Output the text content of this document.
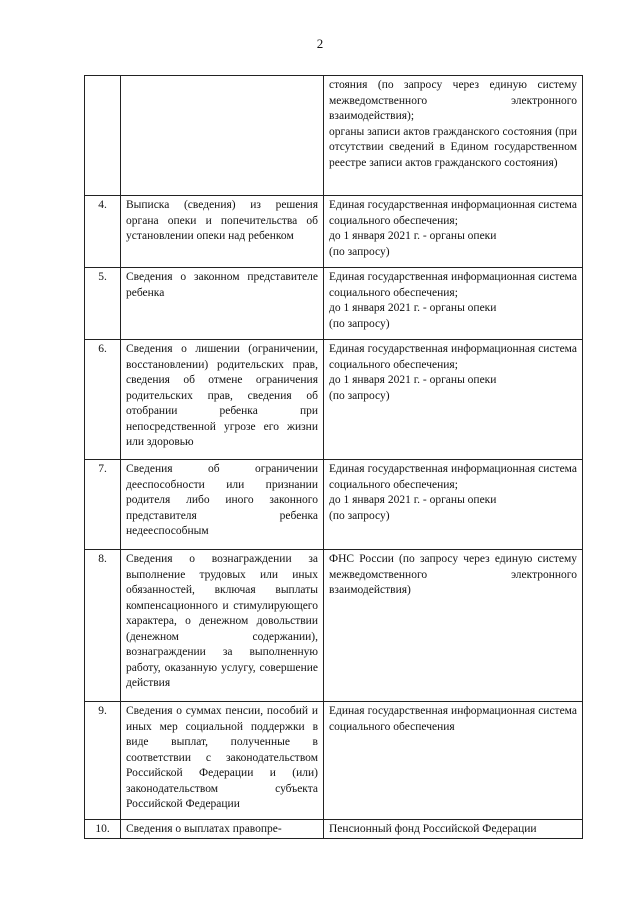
2

		стояния (по запросу через единую систему межведомственного электронного взаимодействия);
органы записи актов гражданского состояния (при отсутствии сведений в Едином государственном реестре записи актов гражданского состояния)

4.	Выписка (сведения) из решения органа опеки и попечительства об установлении опеки над ребенком	Единая государственная информационная система социального обеспечения;
до 1 января 2021 г. - органы опеки
(по запросу)

5.	Сведения о законном представителе ребенка	Единая государственная информационная система социального обеспечения;
до 1 января 2021 г. - органы опеки
(по запросу)

6.	Сведения о лишении (ограничении, восстановлении) родительских прав, сведения об отмене ограничения родительских прав, сведения об отобрании ребенка при непосредственной угрозе его жизни или здоровью	Единая государственная информационная система социального обеспечения;
до 1 января 2021 г. - органы опеки
(по запросу)

7.	Сведения об ограничении дееспособности или признании родителя либо иного законного представителя ребенка недееспособным	Единая государственная информационная система социального обеспечения;
до 1 января 2021 г. - органы опеки
(по запросу)

8.	Сведения о вознаграждении за выполнение трудовых или иных обязанностей, включая выплаты компенсационного и стимулирующего характера, о денежном довольствии (денежном содержании), вознаграждении за выполненную работу, оказанную услугу, совершение действия	ФНС России (по запросу через единую систему межведомственного электронного взаимодействия)

9.	Сведения о суммах пенсии, пособий и иных мер социальной поддержки в виде выплат, полученные в соответствии с законодательством Российской Федерации и (или) законодательством субъекта Российской Федерации	Единая государственная информационная система социального обеспечения

10.	Сведения о выплатах правопре-	Пенсионный фонд Российской Федерации
